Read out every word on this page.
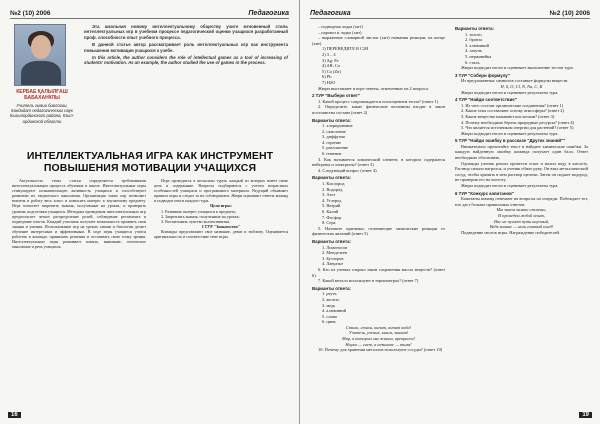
№2 (10) 2006	Педагогика
КЕРБАЕ ҚАЛЫЛҒАШ БАБАХАНҰЛЫ
Учитель химии биологии, Кандидат педагогических наук Кызылординского района, Кзыл-ординской области

Эта школьная новому интеллектуальному обществу учите мгновенный стиль интеллектуальных игр в учебном процессе педагогической оценки учащихся разработанный проф. способности опыт учебного процесса.

В данной статье автор рассматривает роль интеллектуальных игр как инструмента повышения мотивации учащихся к учебе.

In this article, the author considers the role of intellectual games as a tool of increasing of students' motivation. As an example, the author studied the use of games in the process.

ИНТЕЛЛЕКТУАЛЬНАЯ ИГРА КАК ИНСТРУМЕНТ ПОВЫШЕНИЯ МОТИВАЦИИ УЧАЩИХСЯ

Актуальность темы статьи определяется требованиями интеллектуализации процесса обучения в школе. Интеллектуальные игры стимулируют познавательную активность учащихся и способствуют развитию их творческого мышления. Организация таких игр позволяет вовлечь в работу весь класс и повысить интерес к изучаемому предмету. Игра помогает закрепить знания, полученные на уроках, и проверить уровень подготовки учащихся. Методика проведения интеллектуальных игр предполагает четкое распределение ролей, соблюдение регламента и подведение итогов. Каждый участник получает возможность проявить свои знания и умения. Использование игр на уроках химии и биологии делает обучение интересным и эффективным. В ходе игры учащиеся учатся работать в команде, принимать решения и отстаивать свою точку зрения. Интеллектуальные игры развивают память, внимание, логическое мышление и речь учащихся.

Игра проводится в несколько туров, каждый из которых имеет свою цель и содержание. Вопросы подбираются с учетом возрастных особенностей учащихся и программного материала. Ведущий объявляет правила игры и следит за их соблюдением. Жюри оценивает ответы команд и подводит итоги каждого тура.

Цели игры:

1. Развивать интерес учащихся к предмету;

2. Закреплять знания, полученные на уроках;

3. Воспитывать чувство коллективизма.

I ТУР "Знакомство"

Команды представляют свое название, девиз и эмблему. Оценивается оригинальность и соответствие теме игры.

16
Педагогика	№2 (10) 2006

– подводная лодка (хит)

– паровоз и лодка (хит)

– выражение словарной листок (хит) названия реакции, на конце (хит)

1) ПЕРЕВЕДИТЕ В С2Н

2) 3 – 4

3) Ag: Fe

4) AB: Ca

5) Cu (Zn)

6) Pb

7) H2O

Жюри выставляет в игре ответы, отмеченные на 2 вопроса.

2 ТУР "Выбери ответ"

1. Какой процесс сопровождается поглощением тепла? (ответ 1)

2. Определите, какие физические величины входят в закон постоянства состава (ответ 2)

Варианты ответа:

1. хлорирование

2. окисление

3. диффузия

4. горение

5. разложение

6. гниение

3. Как называется химический элемент, в котором содержатся нейтроны и электроны? (ответ 3)

4. Следующий вопрос (ответ 4)

Варианты ответа:

1. Кислород

2. Водород

3. Азот

4. Углерод

5. Натрий

6. Калий

7. Фосфор

8. Сера

5. Назовите признаки, отличающие химические реакции от физических явлений (ответ 5)

Варианты ответа:

1. Ломоносов

2. Менделеев

3. Бутлеров

4. Лавуазье

6. Кто из ученых открыл закон сохранения массы веществ? (ответ 6)

7. Какой металл используют в термометрах? (ответ 7)

Варианты ответа:

1. ртуть

2. железо

3. медь

4. алюминий

5. олово

6. цинк

Стихи, стихи, кипит, кипит вода!

Учитель, ученик, книга, знания!

Мир, в котором мы живем, прекрасен!

Наука — свет, а незнание — тьма!

10. Почему для хранения металлов используют сосуды? (ответ 10)

Варианты ответа:

1. золото

2. бронза

3. алюминий

4. латунь

5. нержавейка

6. сталь

Жюри подводит итоги и оценивает выполнение тестов тура.

3 ТУР "Собери формулу"

Из предложенных символов составьте формулы веществ.

Н, S, O, Cl, N, Na, C, K

Жюри подводит итоги и оценивает результаты тура.

4 ТУР "Найди соответствие"

1. Из чего состоят органические соединения? (ответ 1)

2. Какие газы составляют основу атмосферы? (ответ 2)

3. Какие вещества называют кислотами? (ответ 3)

4. Почему необходимо беречь природные ресурсы? (ответ 4)

5. Что является источником энергии для растений? (ответ 5)

Жюри подводит итоги и оценивает результаты тура.

5 ТУР "Найди ошибку в рассказе "Других знаний""

Внимательно прочитайте текст и найдите химические ошибки. За каждую найденную ошибку команда получает один балл. Ответ необходимо обосновать.

Однажды ученик решил провести опыт и налил воду в кислоту. Раствор сильно нагрелся, и ученик обжег руку. Он взял металлический сосуд, чтобы хранить в нем раствор щелочи. Затем он поджег водород, не проверив его на чистоту.

Жюри подводит итоги и оценивает результаты тура.

6 ТУР "Конкурс капитанов"

Капитаны команд отвечают на вопросы по очереди. Побеждает тот, кто даст больше правильных ответов.

Мы знаем химию отлично,

И проведем любой опыт,

Нас не пугает путь научный,

Ведь знание — наш главный клад!

Подведение итогов игры. Награждение победителей.

19
